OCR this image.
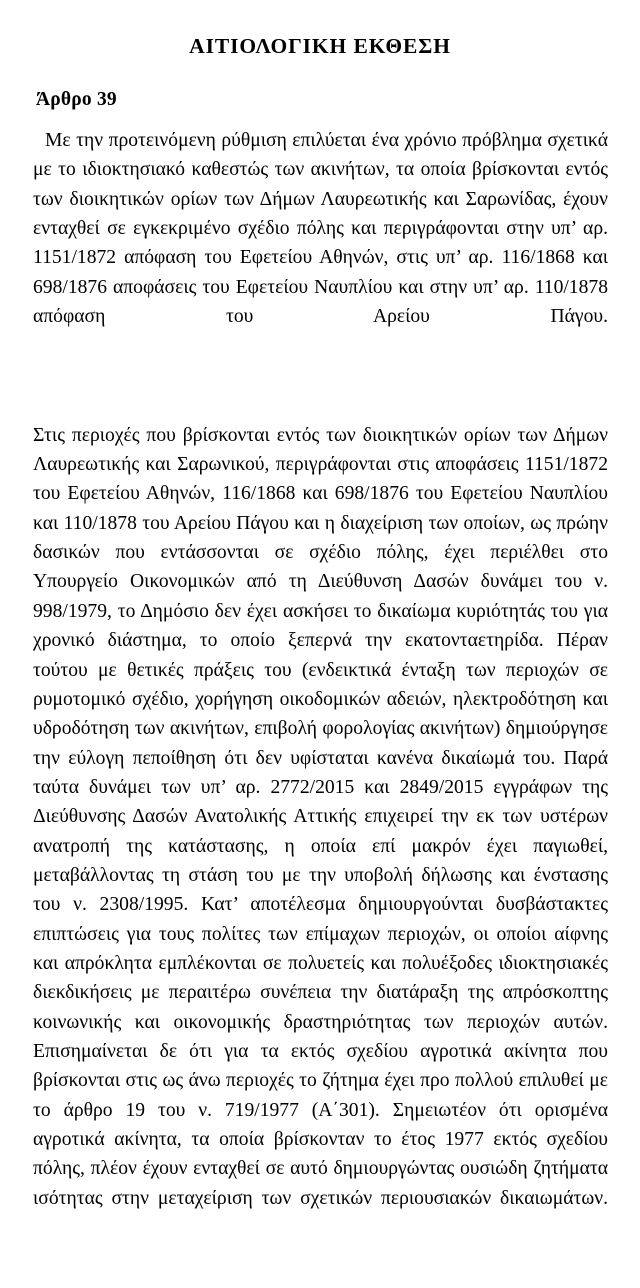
ΑΙΤΙΟΛΟΓΙΚΗ ΕΚΘΕΣΗ
Άρθρο 39

Με την προτεινόμενη ρύθμιση επιλύεται ένα χρόνιο πρόβλημα σχετικά με το ιδιοκτησιακό καθεστώς των ακινήτων, τα οποία βρίσκονται εντός των διοικητικών ορίων των Δήμων Λαυρεωτικής και Σαρωνίδας, έχουν ενταχθεί σε εγκεκριμένο σχέδιο πόλης και περιγράφονται στην υπ’ αρ. 1151/1872 απόφαση του Εφετείου Αθηνών, στις υπ’ αρ. 116/1868 και 698/1876 αποφάσεις του Εφετείου Ναυπλίου και στην υπ’ αρ. 110/1878 απόφαση του Αρείου Πάγου.

Στις περιοχές που βρίσκονται εντός των διοικητικών ορίων των Δήμων Λαυρεωτικής και Σαρωνικού, περιγράφονται στις αποφάσεις 1151/1872 του Εφετείου Αθηνών, 116/1868 και 698/1876 του Εφετείου Ναυπλίου και 110/1878 του Αρείου Πάγου και η διαχείριση των οποίων, ως πρώην δασικών που εντάσσονται σε σχέδιο πόλης, έχει περιέλθει στο Υπουργείο Οικονομικών από τη Διεύθυνση Δασών δυνάμει του ν. 998/1979, το Δημόσιο δεν έχει ασκήσει το δικαίωμα κυριότητάς του για χρονικό διάστημα, το οποίο ξεπερνά την εκατονταετηρίδα. Πέραν τούτου με θετικές πράξεις του (ενδεικτικά ένταξη των περιοχών σε ρυμοτομικό σχέδιο, χορήγηση οικοδομικών αδειών, ηλεκτροδότηση και υδροδότηση των ακινήτων, επιβολή φορολογίας ακινήτων) δημιούργησε την εύλογη πεποίθηση ότι δεν υφίσταται κανένα δικαίωμά του. Παρά ταύτα δυνάμει των υπ’ αρ. 2772/2015 και 2849/2015 εγγράφων της Διεύθυνσης Δασών Ανατολικής Αττικής επιχειρεί την εκ των υστέρων ανατροπή της κατάστασης, η οποία επί μακρόν έχει παγιωθεί, μεταβάλλοντας τη στάση του με την υποβολή δήλωσης και ένστασης του ν. 2308/1995. Κατ’ αποτέλεσμα δημιουργούνται δυσβάστακτες επιπτώσεις για τους πολίτες των επίμαχων περιοχών, οι οποίοι αίφνης και απρόκλητα εμπλέκονται σε πολυετείς και πολυέξοδες ιδιοκτησιακές διεκδικήσεις με περαιτέρω συνέπεια την διατάραξη της απρόσκοπτης κοινωνικής και οικονομικής δραστηριότητας των περιοχών αυτών. Επισημαίνεται δε ότι για τα εκτός σχεδίου αγροτικά ακίνητα που βρίσκονται στις ως άνω περιοχές το ζήτημα έχει προ πολλού επιλυθεί με το άρθρο 19 του ν. 719/1977 (Α΄301). Σημειωτέον ότι ορισμένα αγροτικά ακίνητα, τα οποία βρίσκονταν το έτος 1977 εκτός σχεδίου πόλης, πλέον έχουν ενταχθεί σε αυτό δημιουργώντας ουσιώδη ζητήματα ισότητας στην μεταχείριση των σχετικών περιουσιακών δικαιωμάτων.
